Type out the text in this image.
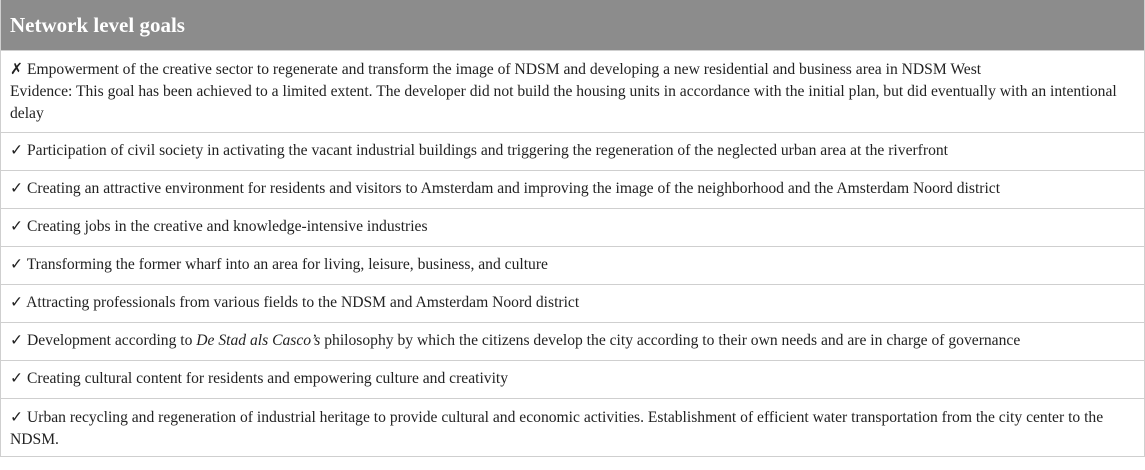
Network level goals

✗ Empowerment of the creative sector to regenerate and transform the image of NDSM and developing a new residential and business area in NDSM West

Evidence: This goal has been achieved to a limited extent. The developer did not build the housing units in accordance with the initial plan, but did eventually with an intentional delay

✓ Participation of civil society in activating the vacant industrial buildings and triggering the regeneration of the neglected urban area at the riverfront

✓ Creating an attractive environment for residents and visitors to Amsterdam and improving the image of the neighborhood and the Amsterdam Noord district

✓ Creating jobs in the creative and knowledge-intensive industries

✓ Transforming the former wharf into an area for living, leisure, business, and culture

✓ Attracting professionals from various fields to the NDSM and Amsterdam Noord district

✓ Development according to De Stad als Casco’s philosophy by which the citizens develop the city according to their own needs and are in charge of governance

✓ Creating cultural content for residents and empowering culture and creativity

✓ Urban recycling and regeneration of industrial heritage to provide cultural and economic activities. Establishment of efficient water transportation from the city center to the NDSM.
